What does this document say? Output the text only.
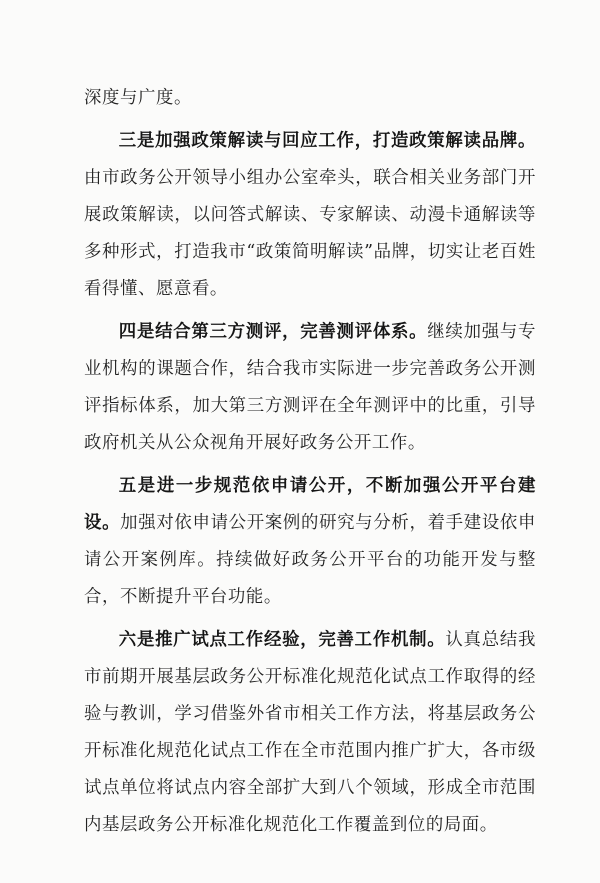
深度与广度。

三是加强政策解读与回应工作，打造政策解读品牌。由市政务公开领导小组办公室牵头，联合相关业务部门开展政策解读，以问答式解读、专家解读、动漫卡通解读等多种形式，打造我市“政策简明解读”品牌，切实让老百姓看得懂、愿意看。

四是结合第三方测评，完善测评体系。继续加强与专业机构的课题合作，结合我市实际进一步完善政务公开测评指标体系，加大第三方测评在全年测评中的比重，引导政府机关从公众视角开展好政务公开工作。

五是进一步规范依申请公开，不断加强公开平台建设。加强对依申请公开案例的研究与分析，着手建设依申请公开案例库。持续做好政务公开平台的功能开发与整合，不断提升平台功能。

六是推广试点工作经验，完善工作机制。认真总结我市前期开展基层政务公开标准化规范化试点工作取得的经验与教训，学习借鉴外省市相关工作方法，将基层政务公开标准化规范化试点工作在全市范围内推广扩大，各市级试点单位将试点内容全部扩大到八个领域，形成全市范围内基层政务公开标准化规范化工作覆盖到位的局面。
